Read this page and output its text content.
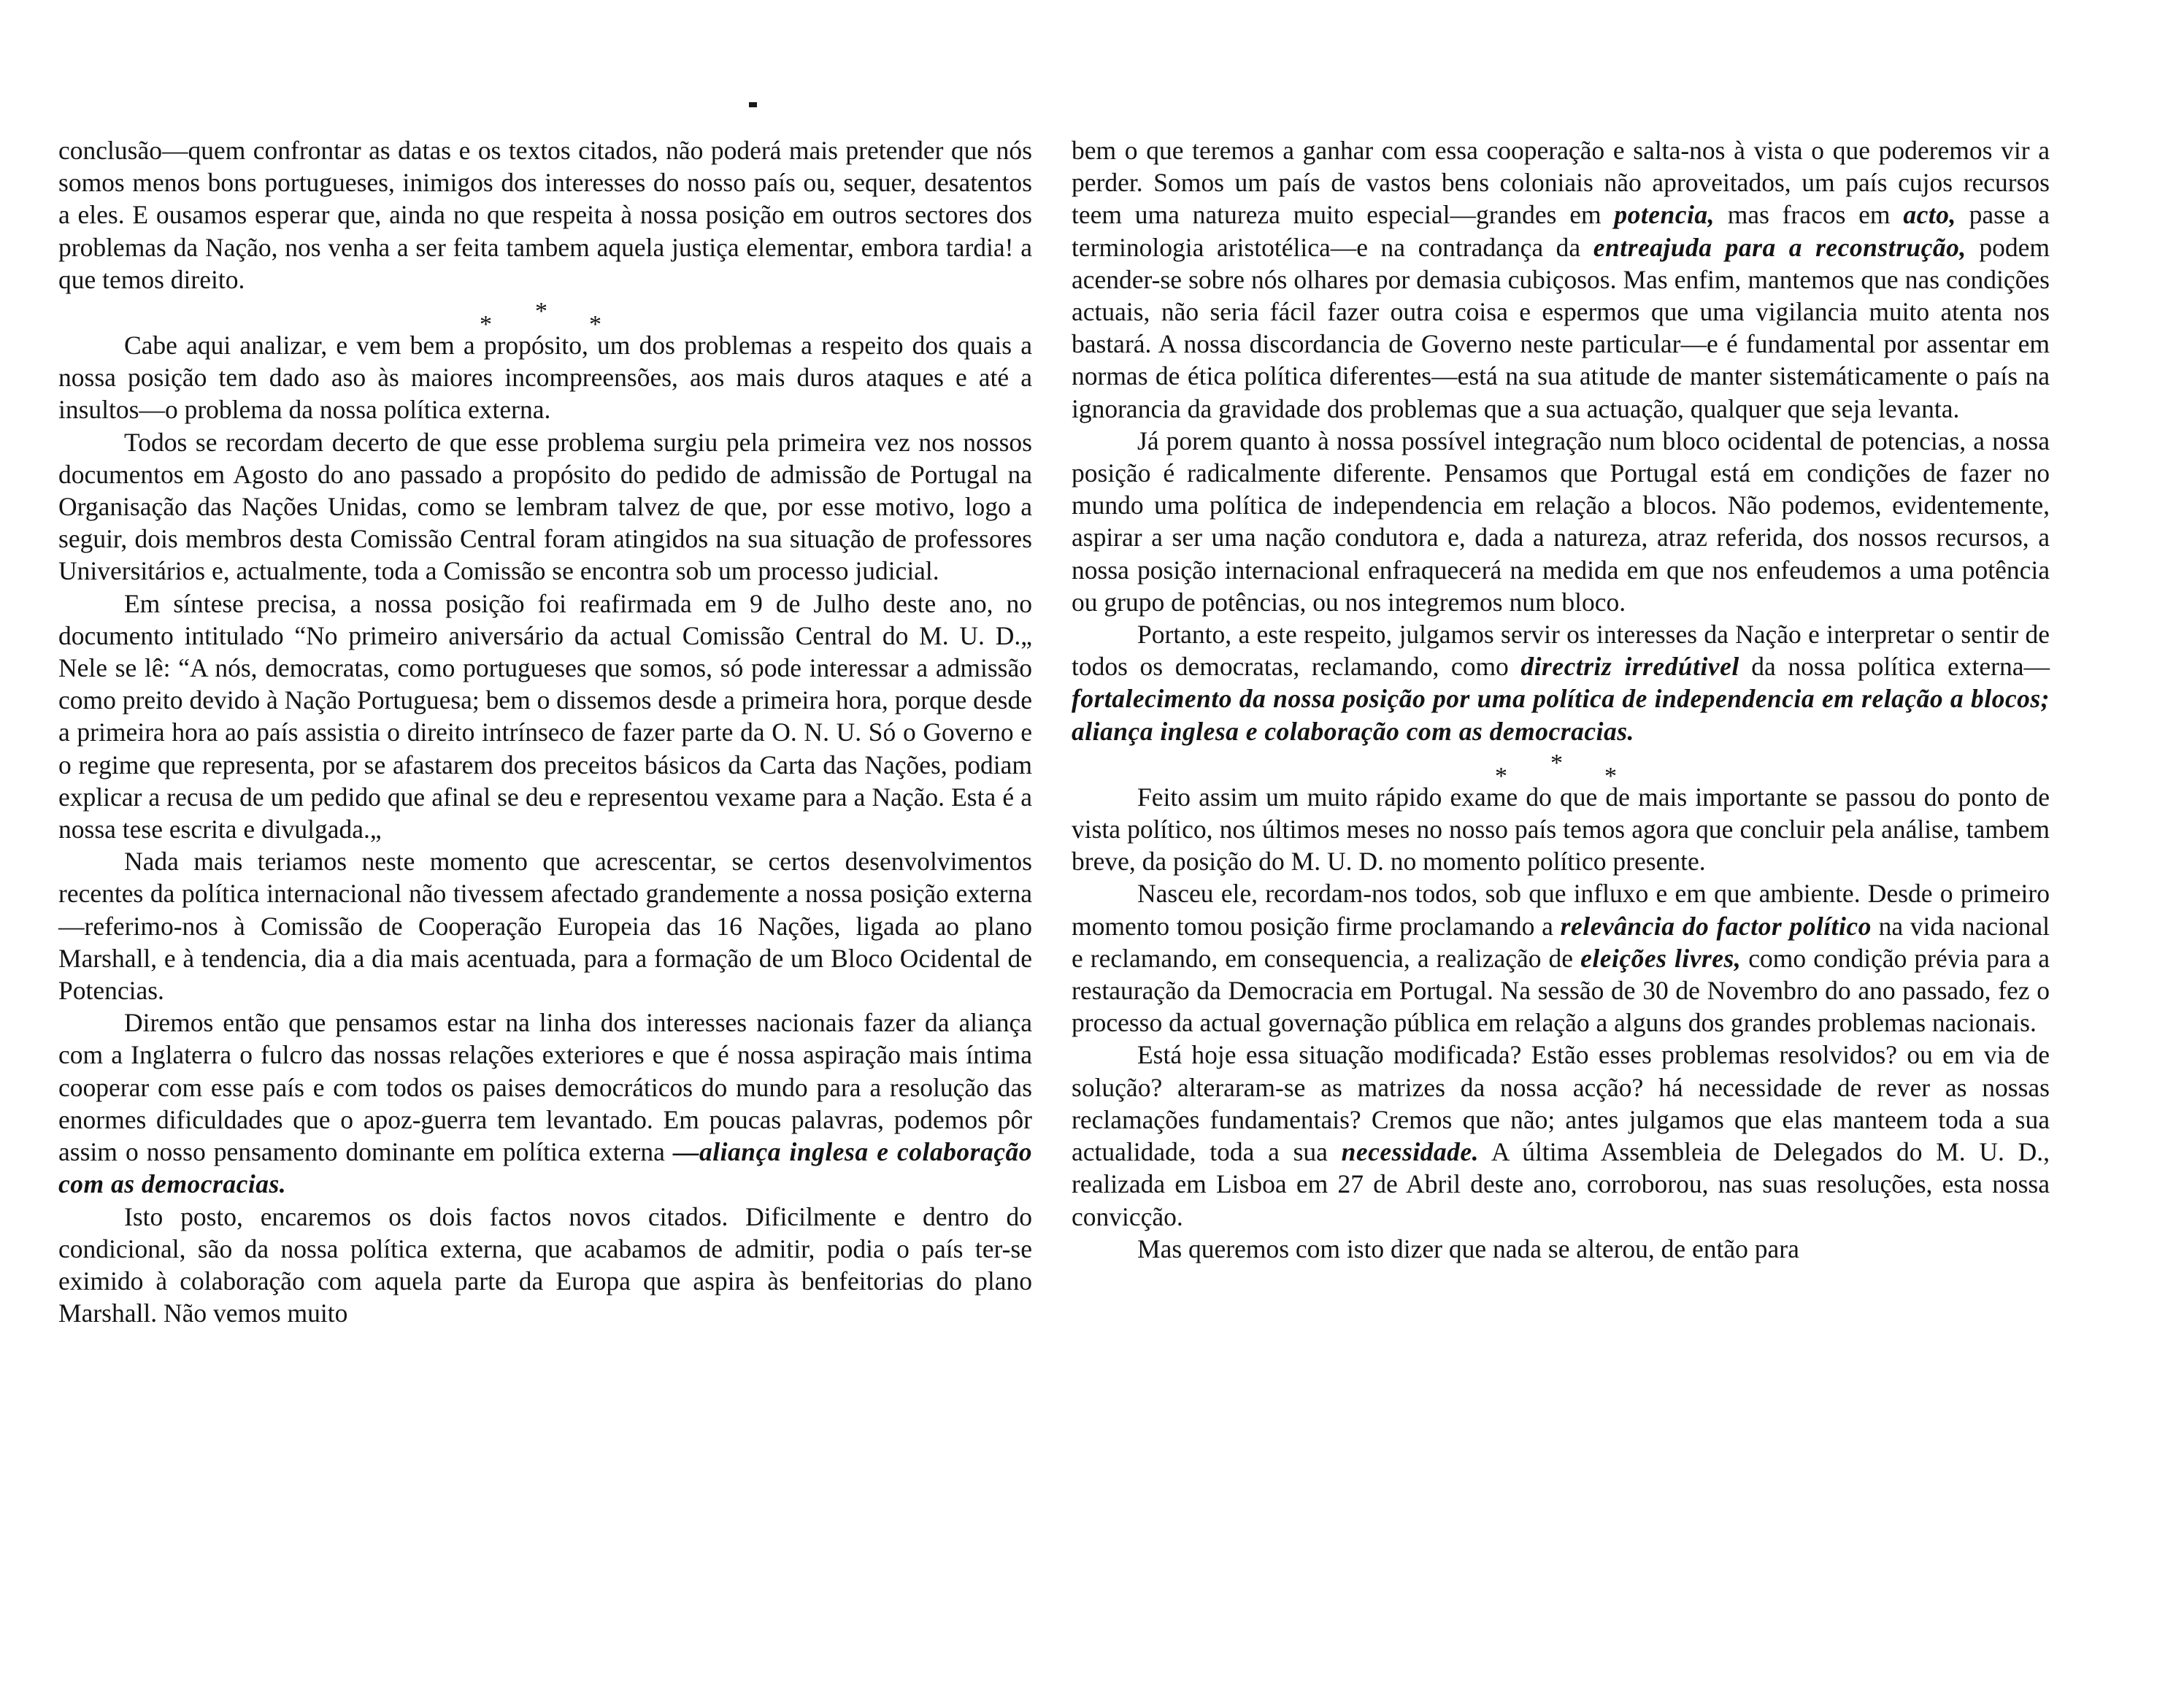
conclusão—quem confrontar as datas e os textos citados, não poderá mais pretender que nós somos menos bons portugueses, inimigos dos interesses do nosso país ou, sequer, desatentos a eles. E ousamos esperar que, ainda no que respeita à nossa posição em outros sectores dos problemas da Nação, nos venha a ser feita tambem aquela justiça elementar, embora tardia! a que temos direito.

* * *

Cabe aqui analizar, e vem bem a propósito, um dos problemas a respeito dos quais a nossa posição tem dado aso às maiores incompreensões, aos mais duros ataques e até a insultos—o problema da nossa política externa.

Todos se recordam decerto de que esse problema surgiu pela primeira vez nos nossos documentos em Agosto do ano passado a propósito do pedido de admissão de Portugal na Organisação das Nações Unidas, como se lembram talvez de que, por esse motivo, logo a seguir, dois membros desta Comissão Central foram atingidos na sua situação de professores Universitários e, actualmente, toda a Comissão se encontra sob um processo judicial.

Em síntese precisa, a nossa posição foi reafirmada em 9 de Julho deste ano, no documento intitulado “No primeiro aniversário da actual Comissão Central do M. U. D.„ Nele se lê: “A nós, democratas, como portugueses que somos, só pode interessar a admissão como preito devido à Nação Portuguesa; bem o dissemos desde a primeira hora, porque desde a primeira hora ao país assistia o direito intrínseco de fazer parte da O. N. U. Só o Governo e o regime que representa, por se afastarem dos preceitos básicos da Carta das Nações, podiam explicar a recusa de um pedido que afinal se deu e representou vexame para a Nação. Esta é a nossa tese escrita e divulgada.„

Nada mais teriamos neste momento que acrescentar, se certos desenvolvimentos recentes da política internacional não tivessem afectado grandemente a nossa posição externa—referimo-nos à Comissão de Cooperação Europeia das 16 Nações, ligada ao plano Marshall, e à tendencia, dia a dia mais acentuada, para a formação de um Bloco Ocidental de Potencias.

Diremos então que pensamos estar na linha dos interesses nacionais fazer da aliança com a Inglaterra o fulcro das nossas relações exteriores e que é nossa aspiração mais íntima cooperar com esse país e com todos os paises democráticos do mundo para a resolução das enormes dificuldades que o apoz-guerra tem levantado. Em poucas palavras, podemos pôr assim o nosso pensamento dominante em política externa —aliança inglesa e colaboração com as democracias.

Isto posto, encaremos os dois factos novos citados. Dificilmente e dentro do condicional, são da nossa política externa, que acabamos de admitir, podia o país ter-se eximido à colaboração com aquela parte da Europa que aspira às benfeitorias do plano Marshall. Não vemos muito

bem o que teremos a ganhar com essa cooperação e salta-nos à vista o que poderemos vir a perder. Somos um país de vastos bens coloniais não aproveitados, um país cujos recursos teem uma natureza muito especial—grandes em potencia, mas fracos em acto, passe a terminologia aristotélica—e na contradança da entreajuda para a reconstrução, podem acender-se sobre nós olhares por demasia cubiçosos. Mas enfim, mantemos que nas condições actuais, não seria fácil fazer outra coisa e espermos que uma vigilancia muito atenta nos bastará. A nossa discordancia de Governo neste particular—e é fundamental por assentar em normas de ética política diferentes—está na sua atitude de manter sistemáticamente o país na ignorancia da gravidade dos problemas que a sua actuação, qualquer que seja levanta.

Já porem quanto à nossa possível integração num bloco ocidental de potencias, a nossa posição é radicalmente diferente. Pensamos que Portugal está em condições de fazer no mundo uma política de independencia em relação a blocos. Não podemos, evidentemente, aspirar a ser uma nação condutora e, dada a natureza, atraz referida, dos nossos recursos, a nossa posição internacional enfraquecerá na medida em que nos enfeudemos a uma potência ou grupo de potências, ou nos integremos num bloco.

Portanto, a este respeito, julgamos servir os interesses da Nação e interpretar o sentir de todos os democratas, reclamando, como directriz irredútivel da nossa política externa—fortalecimento da nossa posição por uma política de independencia em relação a blocos; aliança inglesa e colaboração com as democracias.

* * *

Feito assim um muito rápido exame do que de mais importante se passou do ponto de vista político, nos últimos meses no nosso país temos agora que concluir pela análise, tambem breve, da posição do M. U. D. no momento político presente.

Nasceu ele, recordam-nos todos, sob que influxo e em que ambiente. Desde o primeiro momento tomou posição firme proclamando a relevância do factor político na vida nacional e reclamando, em consequencia, a realização de eleições livres, como condição prévia para a restauração da Democracia em Portugal. Na sessão de 30 de Novembro do ano passado, fez o processo da actual governação pública em relação a alguns dos grandes problemas nacionais.

Está hoje essa situação modificada? Estão esses problemas resolvidos? ou em via de solução? alteraram-se as matrizes da nossa acção? há necessidade de rever as nossas reclamações fundamentais? Cremos que não; antes julgamos que elas manteem toda a sua actualidade, toda a sua necessidade. A última Assembleia de Delegados do M. U. D., realizada em Lisboa em 27 de Abril deste ano, corroborou, nas suas resoluções, esta nossa convicção.

Mas queremos com isto dizer que nada se alterou, de então para
